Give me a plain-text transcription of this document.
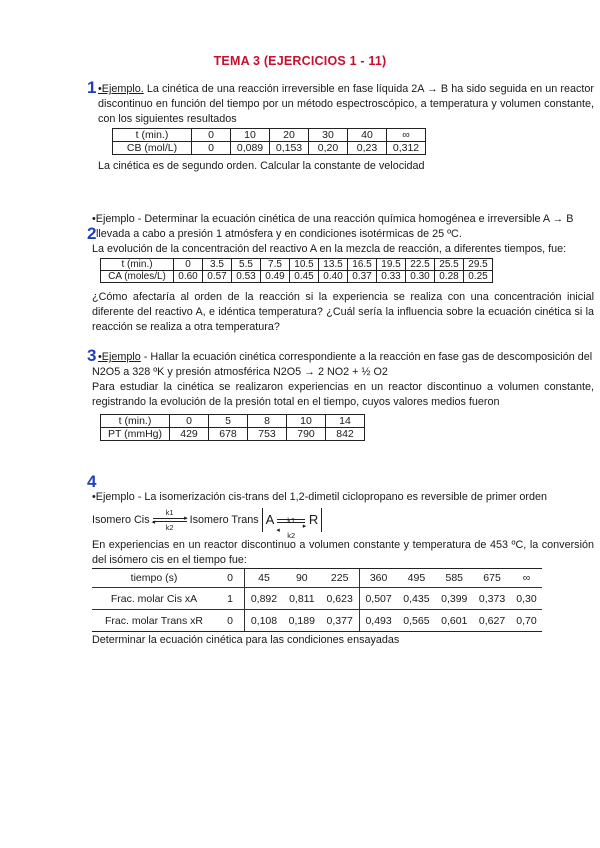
TEMA 3 (EJERCICIOS 1 - 11)
1 •Ejemplo. La cinética de una reacción irreversible en fase líquida 2A → B ha sido seguida en un reactor discontinuo en función del tiempo por un método espectroscópico, a temperatura y volumen constante, con los siguientes resultados
t (min.)	0	10	20	30	40	∞
CB (mol/L)	0	0,089	0,153	0,20	0,23	0,312
La cinética es de segundo orden. Calcular la constante de velocidad
•Ejemplo - Determinar la ecuación cinética de una reacción química homogénea e irreversible A → B
2 llevada a cabo a presión 1 atmósfera y en condiciones isotérmicas de 25 ºC.
La evolución de la concentración del reactivo A en la mezcla de reacción, a diferentes tiempos, fue:
t (min.)	0	3.5	5.5	7.5	10.5	13.5	16.5	19.5	22.5	25.5	29.5
CA (moles/L)	0.60	0.57	0.53	0.49	0.45	0.40	0.37	0.33	0.30	0.28	0.25
¿Cómo afectaría al orden de la reacción si la experiencia se realiza con una concentración inicial diferente del reactivo A, e idéntica temperatura? ¿Cuál sería la influencia sobre la ecuación cinética si la reacción se realiza a otra temperatura?
3 •Ejemplo - Hallar la ecuación cinética correspondiente a la reacción en fase gas de descomposición del
N2O5 a 328 ºK y presión atmosférica N2O5 → 2 NO2 + ½ O2
Para estudiar la cinética se realizaron experiencias en un reactor discontinuo a volumen constante, registrando la evolución de la presión total en el tiempo, cuyos valores medios fueron
t (min.)	0	5	8	10	14
PT (mmHg)	429	678	753	790	842
4
•Ejemplo - La isomerización cis-trans del 1,2-dimetil ciclopropano es reversible de primer orden
Isomero Cis
k1
▸
◂
k2
Isomero Trans A k1
▸
◂
k2
R
En experiencias en un reactor discontinuo a volumen constante y temperatura de 453 ºC, la conversión del isómero cis en el tiempo fue:
tiempo (s)	0	45	90	225	360	495	585	675	∞
Frac. molar Cis xA	1	0,892	0,811	0,623	0,507	0,435	0,399	0,373	0,30
Frac. molar Trans xR	0	0,108	0,189	0,377	0,493	0,565	0,601	0,627	0,70
Determinar la ecuación cinética para las condiciones ensayadas
